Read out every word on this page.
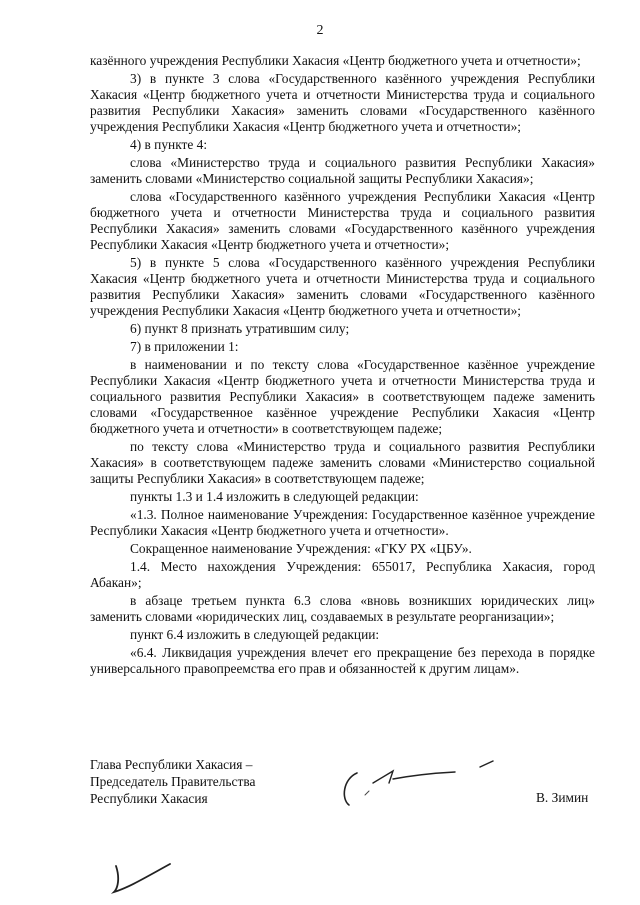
2

казённого учреждения Республики Хакасия «Центр бюджетного учета и отчетности»;

3) в пункте 3 слова «Государственного казённого учреждения Республики Хакасия «Центр бюджетного учета и отчетности Министерства труда и социального развития Республики Хакасия» заменить словами «Государственного казённого учреждения Республики Хакасия «Центр бюджетного учета и отчетности»;

4) в пункте 4:

слова «Министерство труда и социального развития Республики Хакасия» заменить словами «Министерство социальной защиты Республики Хакасия»;

слова «Государственного казённого учреждения Республики Хакасия «Центр бюджетного учета и отчетности Министерства труда и социального развития Республики Хакасия» заменить словами «Государственного казённого учреждения Республики Хакасия «Центр бюджетного учета и отчетности»;

5) в пункте 5 слова «Государственного казённого учреждения Республики Хакасия «Центр бюджетного учета и отчетности Министерства труда и социального развития Республики Хакасия» заменить словами «Государственного казённого учреждения Республики Хакасия «Центр бюджетного учета и отчетности»;

6) пункт 8 признать утратившим силу;

7) в приложении 1:

в наименовании и по тексту слова «Государственное казённое учреждение Республики Хакасия «Центр бюджетного учета и отчетности Министерства труда и социального развития Республики Хакасия» в соответствующем падеже заменить словами «Государственное казённое учреждение Республики Хакасия «Центр бюджетного учета и отчетности» в соответствующем падеже;

по тексту слова «Министерство труда и социального развития Республики Хакасия» в соответствующем падеже заменить словами «Министерство социальной защиты Республики Хакасия» в соответствующем падеже;

пункты 1.3 и 1.4 изложить в следующей редакции:

«1.3. Полное наименование Учреждения: Государственное казённое учреждение Республики Хакасия «Центр бюджетного учета и отчетности».

Сокращенное наименование Учреждения: «ГКУ РХ «ЦБУ».

1.4. Место нахождения Учреждения: 655017, Республика Хакасия, город Абакан»;

в абзаце третьем пункта 6.3 слова «вновь возникших юридических лиц» заменить словами «юридических лиц, создаваемых в результате реорганизации»;

пункт 6.4 изложить в следующей редакции:

«6.4. Ликвидация учреждения влечет его прекращение без перехода в порядке универсального правопреемства его прав и обязанностей к другим лицам».

Глава Республики Хакасия –
Председатель Правительства
Республики Хакасия	В. Зимин
